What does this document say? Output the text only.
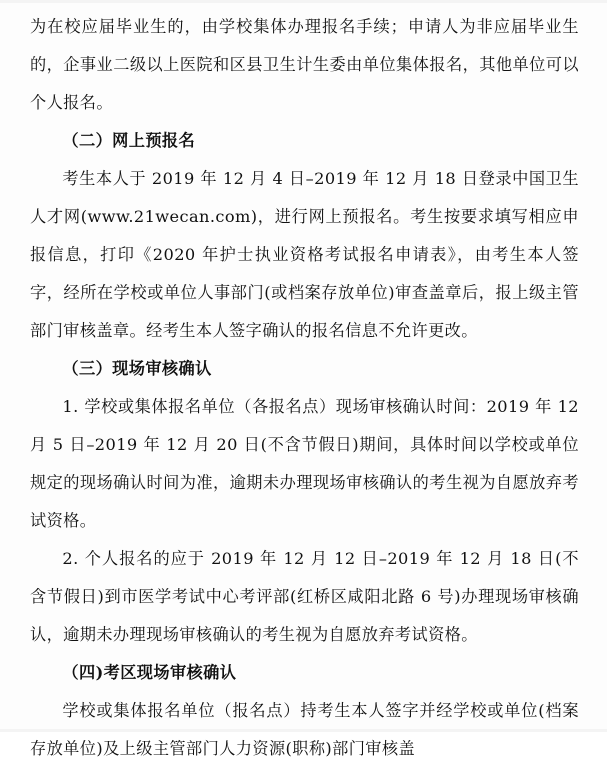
为在校应届毕业生的，由学校集体办理报名手续；申请人为非应届毕业生的，企事业二级以上医院和区县卫生计生委由单位集体报名，其他单位可以个人报名。

（二）网上预报名

考生本人于 2019 年 12 月 4 日–2019 年 12 月 18 日登录中国卫生人才网(www.21wecan.com)，进行网上预报名。考生按要求填写相应申报信息，打印《2020 年护士执业资格考试报名申请表》，由考生本人签字，经所在学校或单位人事部门(或档案存放单位)审查盖章后，报上级主管部门审核盖章。经考生本人签字确认的报名信息不允许更改。

（三）现场审核确认

1. 学校或集体报名单位（各报名点）现场审核确认时间：2019 年 12 月 5 日–2019 年 12 月 20 日(不含节假日)期间，具体时间以学校或单位规定的现场确认时间为准，逾期未办理现场审核确认的考生视为自愿放弃考试资格。

2. 个人报名的应于 2019 年 12 月 12 日–2019 年 12 月 18 日(不含节假日)到市医学考试中心考评部(红桥区咸阳北路 6 号)办理现场审核确认，逾期未办理现场审核确认的考生视为自愿放弃考试资格。

（四)考区现场审核确认

学校或集体报名单位（报名点）持考生本人签字并经学校或单位(档案存放单位)及上级主管部门人力资源(职称)部门审核盖
